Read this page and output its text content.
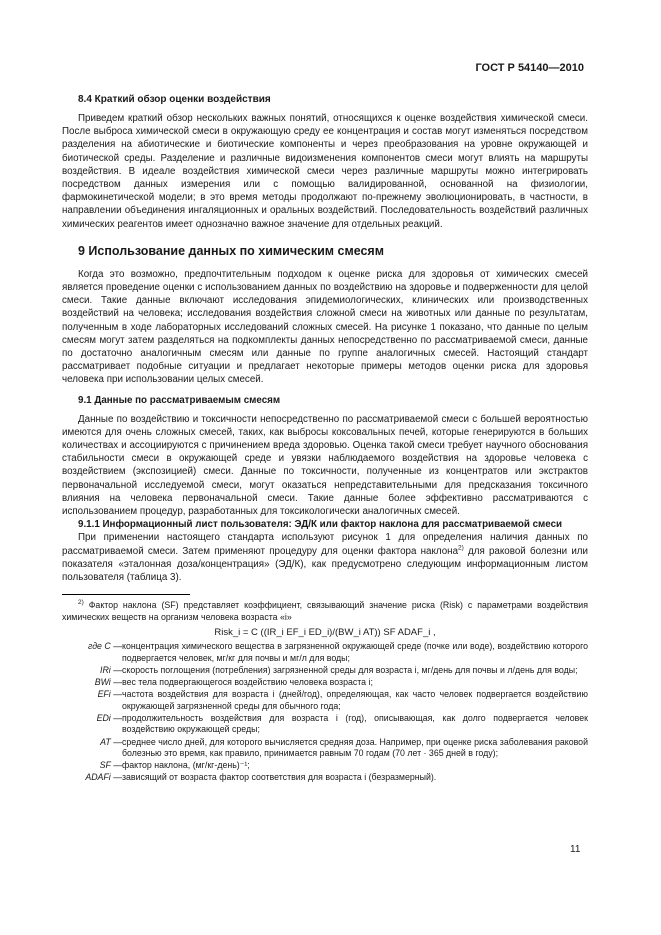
ГОСТ Р 54140—2010
8.4 Краткий обзор оценки воздействия

Приведем краткий обзор нескольких важных понятий, относящихся к оценке воздействия химической смеси. После выброса химической смеси в окружающую среду ее концентрация и состав могут изменяться посредством разделения на абиотические и биотические компоненты и через преобразования на уровне окружающей и биотической среды. Разделение и различные видоизменения компонентов смеси могут влиять на маршруты воздействия. В идеале воздействия химической смеси через различные маршруты можно интегрировать посредством данных измерения или с помощью валидированной, основанной на физиологии, фармокинетической модели; в это время методы продолжают по-прежнему эволюционировать, в частности, в направлении объединения ингаляционных и оральных воздействий. Последовательность воздействий различных химических реагентов имеет однозначно важное значение для отдельных реакций.

9 Использование данных по химическим смесям

Когда это возможно, предпочтительным подходом к оценке риска для здоровья от химических смесей является проведение оценки с использованием данных по воздействию на здоровье и подверженности для целой смеси. Такие данные включают исследования эпидемиологических, клинических или производственных воздействий на человека; исследования воздействия сложной смеси на животных или данные по результатам, полученным в ходе лабораторных исследований сложных смесей. На рисунке 1 показано, что данные по целым смесям могут затем разделяться на подкомплекты данных непосредственно по рассматриваемой смеси, данные по достаточно аналогичным смесям или данные по группе аналогичных смесей. Настоящий стандарт рассматривает подобные ситуации и предлагает некоторые примеры методов оценки риска для здоровья человека при использовании целых смесей.

9.1 Данные по рассматриваемым смесям

Данные по воздействию и токсичности непосредственно по рассматриваемой смеси с большей вероятностью имеются для очень сложных смесей, таких, как выбросы коксовальных печей, которые генерируются в больших количествах и ассоциируются с причинением вреда здоровью. Оценка такой смеси требует научного обоснования стабильности смеси в окружающей среде и увязки наблюдаемого воздействия на здоровье человека с воздействием (экспозицией) смеси. Данные по токсичности, полученные из концентратов или экстрактов первоначальной исследуемой смеси, могут оказаться непредставительными для предсказания токсичного влияния на человека первоначальной смеси. Такие данные более эффективно рассматриваются с использованием процедур, разработанных для токсикологически аналогичных смесей.

9.1.1 Информационный лист пользователя: ЭД/К или фактор наклона для рассматриваемой смеси

При применении настоящего стандарта используют рисунок 1 для определения наличия данных по рассматриваемой смеси. Затем применяют процедуру для оценки фактора наклона$^{2)}$ для раковой болезни или показателя «эталонная доза/концентрация» (ЭД/К), как предусмотрено следующим информационным листом пользователя (таблица 3).

$^{2)}$ Фактор наклона (SF) представляет коэффициент, связывающий значение риска (Risk) с параметрами воздействия химических веществ на организм человека возраста «i»

Risk_i = C ((IR_i EF_i ED_i)/(BW_i AT)) SF ADAF_i ,
где C — концентрация химического вещества в загрязненной окружающей среде (почке или воде), воздействию которого подвергается человек, мг/кг для почвы и мг/л для воды;
IRi — скорость поглощения (потребления) загрязненной среды для возраста i, мг/день для почвы и л/день для воды;
BWi — вес тела подвергающегося воздействию человека возраста i;
EFi — частота воздействия для возраста i (дней/год), определяющая, как часто человек подвергается воздействию окружающей загрязненной среды для обычного года;
EDi — продолжительность воздействия для возраста i (год), описывающая, как долго подвергается человек воздействию окружающей среды;
AT — среднее число дней, для которого вычисляется средняя доза. Например, при оценке риска заболевания раковой болезнью это время, как правило, принимается равным 70 годам (70 лет · 365 дней в году);
SF — фактор наклона, (мг/кг-день)⁻¹;
ADAFi — зависящий от возраста фактор соответствия для возраста i (безразмерный).
11
